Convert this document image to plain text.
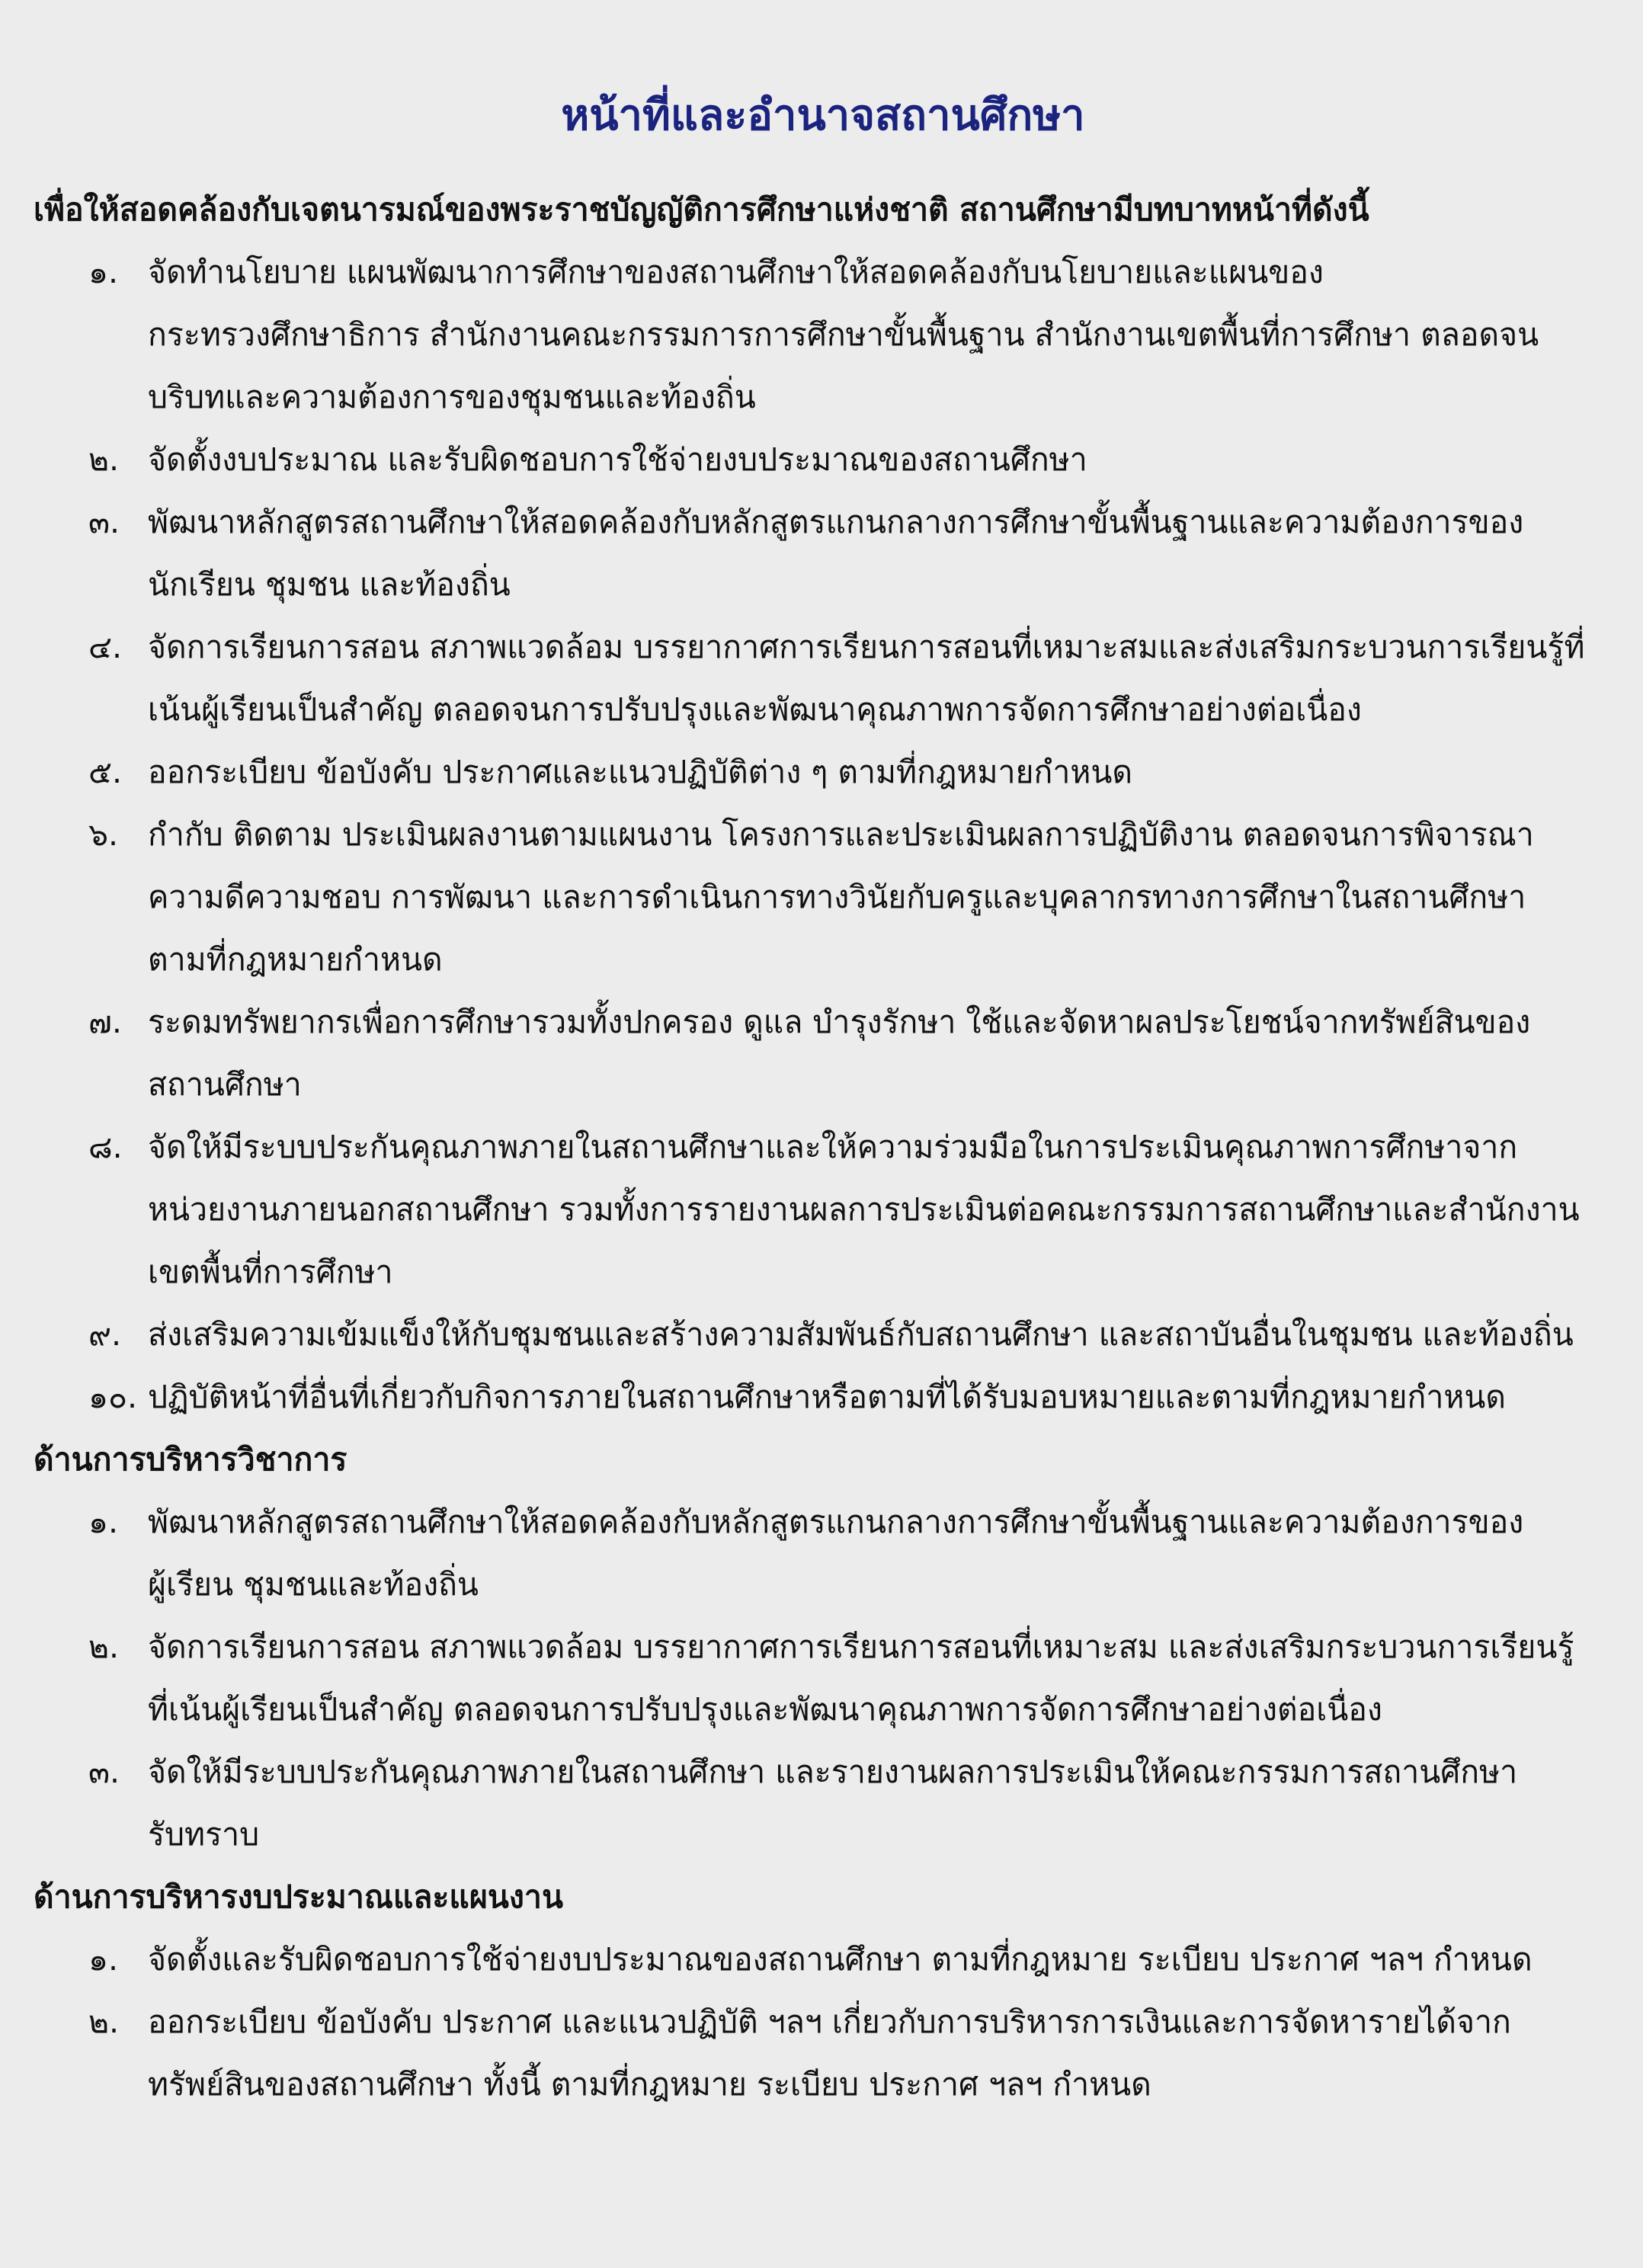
หน้าที่และอำนาจสถานศึกษา

เพื่อให้สอดคล้องกับเจตนารมณ์ของพระราชบัญญัติการศึกษาแห่งชาติ สถานศึกษามีบทบาทหน้าที่ดังนี้

๑. จัดทำนโยบาย แผนพัฒนาการศึกษาของสถานศึกษาให้สอดคล้องกับนโยบายและแผนของ
กระทรวงศึกษาธิการ สำนักงานคณะกรรมการการศึกษาขั้นพื้นฐาน สำนักงานเขตพื้นที่การศึกษา ตลอดจน
บริบทและความต้องการของชุมชนและท้องถิ่น
๒. จัดตั้งงบประมาณ และรับผิดชอบการใช้จ่ายงบประมาณของสถานศึกษา
๓. พัฒนาหลักสูตรสถานศึกษาให้สอดคล้องกับหลักสูตรแกนกลางการศึกษาขั้นพื้นฐานและความต้องการของ
นักเรียน ชุมชน และท้องถิ่น
๔. จัดการเรียนการสอน สภาพแวดล้อม บรรยากาศการเรียนการสอนที่เหมาะสมและส่งเสริมกระบวนการเรียนรู้ที่
เน้นผู้เรียนเป็นสำคัญ ตลอดจนการปรับปรุงและพัฒนาคุณภาพการจัดการศึกษาอย่างต่อเนื่อง
๕. ออกระเบียบ ข้อบังคับ ประกาศและแนวปฏิบัติต่าง ๆ ตามที่กฎหมายกำหนด
๖. กำกับ ติดตาม ประเมินผลงานตามแผนงาน โครงการและประเมินผลการปฏิบัติงาน ตลอดจนการพิจารณา
ความดีความชอบ การพัฒนา และการดำเนินการทางวินัยกับครูและบุคลากรทางการศึกษาในสถานศึกษา
ตามที่กฎหมายกำหนด
๗. ระดมทรัพยากรเพื่อการศึกษารวมทั้งปกครอง ดูแล บำรุงรักษา ใช้และจัดหาผลประโยชน์จากทรัพย์สินของ
สถานศึกษา
๘. จัดให้มีระบบประกันคุณภาพภายในสถานศึกษาและให้ความร่วมมือในการประเมินคุณภาพการศึกษาจาก
หน่วยงานภายนอกสถานศึกษา รวมทั้งการรายงานผลการประเมินต่อคณะกรรมการสถานศึกษาและสำนักงาน
เขตพื้นที่การศึกษา
๙. ส่งเสริมความเข้มแข็งให้กับชุมชนและสร้างความสัมพันธ์กับสถานศึกษา และสถาบันอื่นในชุมชน และท้องถิ่น
๑๐. ปฏิบัติหน้าที่อื่นที่เกี่ยวกับกิจการภายในสถานศึกษาหรือตามที่ได้รับมอบหมายและตามที่กฎหมายกำหนด
ด้านการบริหารวิชาการ
๑. พัฒนาหลักสูตรสถานศึกษาให้สอดคล้องกับหลักสูตรแกนกลางการศึกษาขั้นพื้นฐานและความต้องการของ
ผู้เรียน ชุมชนและท้องถิ่น
๒. จัดการเรียนการสอน สภาพแวดล้อม บรรยากาศการเรียนการสอนที่เหมาะสม และส่งเสริมกระบวนการเรียนรู้
ที่เน้นผู้เรียนเป็นสำคัญ ตลอดจนการปรับปรุงและพัฒนาคุณภาพการจัดการศึกษาอย่างต่อเนื่อง
๓. จัดให้มีระบบประกันคุณภาพภายในสถานศึกษา และรายงานผลการประเมินให้คณะกรรมการสถานศึกษา
รับทราบ
ด้านการบริหารงบประมาณและแผนงาน
๑. จัดตั้งและรับผิดชอบการใช้จ่ายงบประมาณของสถานศึกษา ตามที่กฎหมาย ระเบียบ ประกาศ ฯลฯ กำหนด
๒. ออกระเบียบ ข้อบังคับ ประกาศ และแนวปฏิบัติ ฯลฯ เกี่ยวกับการบริหารการเงินและการจัดหารายได้จาก
ทรัพย์สินของสถานศึกษา ทั้งนี้ ตามที่กฎหมาย ระเบียบ ประกาศ ฯลฯ กำหนด
